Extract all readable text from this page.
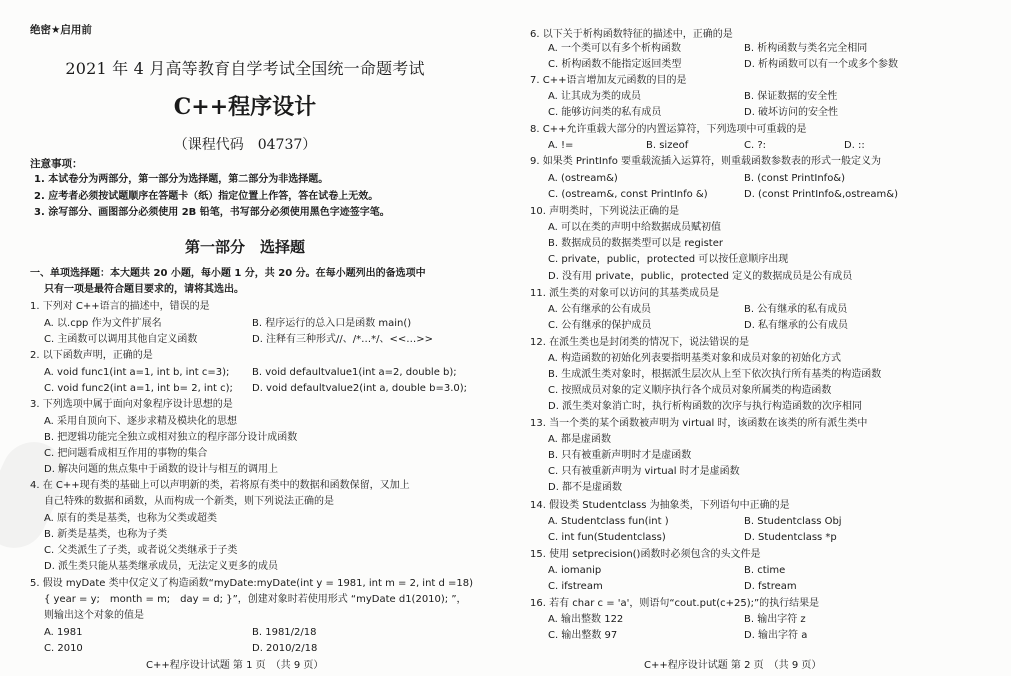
绝密★启用前
2021 年 4 月高等教育自学考试全国统一命题考试
C++程序设计
（课程代码　04737）
注意事项：
1. 本试卷分为两部分，第一部分为选择题，第二部分为非选择题。
2. 应考者必须按试题顺序在答题卡（纸）指定位置上作答，答在试卷上无效。
3. 涂写部分、画图部分必须使用 2B 铅笔，书写部分必须使用黑色字迹签字笔。
第一部分　选择题
一、单项选择题：本大题共 20 小题，每小题 1 分，共 20 分。在每小题列出的备选项中
只有一项是最符合题目要求的，请将其选出。
1. 下列对 C++语言的描述中，错误的是
A. 以.cpp 作为文件扩展名	B. 程序运行的总入口是函数 main()
C. 主函数可以调用其他自定义函数	D. 注释有三种形式//、/*…*/、<<…>>
2. 以下函数声明，正确的是
A. void func1(int a=1, int b, int c=3); B. void defaultvalue1(int a=2, double b);
C. void func2(int a=1, int b= 2, int c); D. void defaultvalue2(int a, double b=3.0);
3. 下列选项中属于面向对象程序设计思想的是
A. 采用自顶向下、逐步求精及模块化的思想
B. 把逻辑功能完全独立或相对独立的程序部分设计成函数
C. 把问题看成相互作用的事物的集合
D. 解决问题的焦点集中于函数的设计与相互的调用上
4. 在 C++现有类的基础上可以声明新的类，若将原有类中的数据和函数保留，又加上
自己特殊的数据和函数，从而构成一个新类，则下列说法正确的是
A. 原有的类是基类，也称为父类或超类
B. 新类是基类，也称为子类
C. 父类派生了子类，或者说父类继承于子类
D. 派生类只能从基类继承成员，无法定义更多的成员
5. 假设 myDate 类中仅定义了构造函数“myDate:myDate(int y = 1981, int m = 2, int d =18)
{ year = y;　month = m;　day = d; }”，创建对象时若使用形式 “myDate d1(2010); ”，
则输出这个对象的值是
A. 1981	B. 1981/2/18
C. 2010	D. 2010/2/18
C++程序设计试题 第 1 页　（共 9 页）
6. 以下关于析构函数特征的描述中，正确的是
A. 一个类可以有多个析构函数	B. 析构函数与类名完全相同
C. 析构函数不能指定返回类型	D. 析构函数可以有一个或多个参数
7. C++语言增加友元函数的目的是
A. 让其成为类的成员	B. 保证数据的安全性
C. 能够访问类的私有成员	D. 破坏访问的安全性
8. C++允许重载大部分的内置运算符，下列选项中可重载的是
A. !=	B. sizeof	C. ?:	D. ::
9. 如果类 PrintInfo 要重载流插入运算符，则重载函数参数表的形式一般定义为
A. (ostream&)	B. (const PrintInfo&)
C. (ostream&, const PrintInfo &)	D. (const PrintInfo&,ostream&)
10. 声明类时，下列说法正确的是
A. 可以在类的声明中给数据成员赋初值
B. 数据成员的数据类型可以是 register
C. private，public，protected 可以按任意顺序出现
D. 没有用 private，public，protected 定义的数据成员是公有成员
11. 派生类的对象可以访问的其基类成员是
A. 公有继承的公有成员	B. 公有继承的私有成员
C. 公有继承的保护成员	D. 私有继承的公有成员
12. 在派生类也是封闭类的情况下，说法错误的是
A. 构造函数的初始化列表要指明基类对象和成员对象的初始化方式
B. 生成派生类对象时，根据派生层次从上至下依次执行所有基类的构造函数
C. 按照成员对象的定义顺序执行各个成员对象所属类的构造函数
D. 派生类对象消亡时，执行析构函数的次序与执行构造函数的次序相同
13. 当一个类的某个函数被声明为 virtual 时，该函数在该类的所有派生类中
A. 都是虚函数
B. 只有被重新声明时才是虚函数
C. 只有被重新声明为 virtual 时才是虚函数
D. 都不是虚函数
14. 假设类 Studentclass 为抽象类，下列语句中正确的是
A. Studentclass fun(int )	B. Studentclass Obj
C. int fun(Studentclass)	D. Studentclass *p
15. 使用 setprecision()函数时必须包含的头文件是
A. iomanip	B. ctime
C. ifstream	D. fstream
16. 若有 char c = 'a'，则语句“cout.put(c+25);”的执行结果是
A. 输出整数 122	B. 输出字符 z
C. 输出整数 97	D. 输出字符 a
C++程序设计试题 第 2 页　（共 9 页）
